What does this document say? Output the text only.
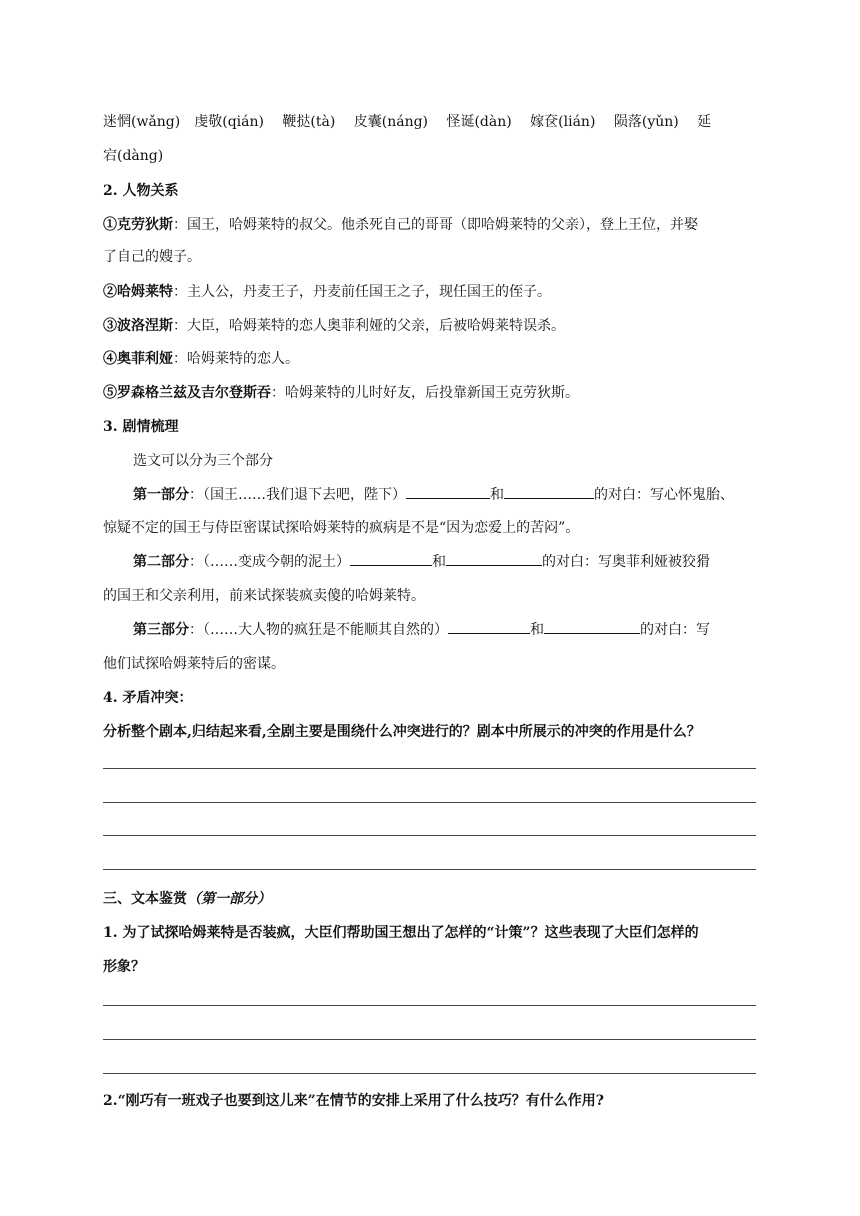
迷惘(wǎng)　虔敬(qián)　 鞭挞(tà)　 皮囊(náng)　 怪诞(dàn)　 嫁奁(lián)　 陨落(yǔn)　 延
宕(dàng)
2. 人物关系
①克劳狄斯：国王，哈姆莱特的叔父。他杀死自己的哥哥（即哈姆莱特的父亲），登上王位，并娶
了自己的嫂子。
②哈姆莱特：主人公，丹麦王子，丹麦前任国王之子，现任国王的侄子。
③波洛涅斯：大臣，哈姆莱特的恋人奥菲利娅的父亲，后被哈姆莱特误杀。
④奥菲利娅：哈姆莱特的恋人。
⑤罗森格兰兹及吉尔登斯吞：哈姆莱特的儿时好友，后投靠新国王克劳狄斯。
3. 剧情梳理
选文可以分为三个部分
第一部分：（国王……我们退下去吧，陛下）	和	的对白：写心怀鬼胎、
惊疑不定的国王与侍臣密谋试探哈姆莱特的疯病是不是“因为恋爱上的苦闷”。
第二部分：（……变成今朝的泥土）	和	的对白：写奥菲利娅被狡猾
的国王和父亲利用，前来试探装疯卖傻的哈姆莱特。
第三部分：（……大人物的疯狂是不能顺其自然的）	和	的对白：写
他们试探哈姆莱特后的密谋。
4. 矛盾冲突：
分析整个剧本,归结起来看,全剧主要是围绕什么冲突进行的？剧本中所展示的冲突的作用是什么？
三、文本鉴赏（第一部分）
1. 为了试探哈姆莱特是否装疯，大臣们帮助国王想出了怎样的“计策”？这些表现了大臣们怎样的
形象？
2.“刚巧有一班戏子也要到这儿来”在情节的安排上采用了什么技巧？有什么作用?
